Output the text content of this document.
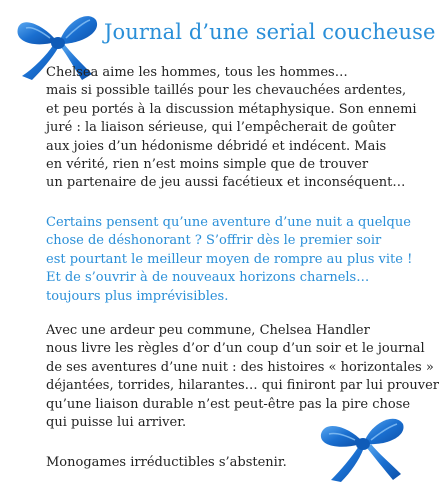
Journal d’une serial coucheuse

Chelsea aime les hommes, tous les hommes…
mais si possible taillés pour les chevauchées ardentes,
et peu portés à la discussion métaphysique. Son ennemi
juré : la liaison sérieuse, qui l’empêcherait de goûter
aux joies d’un hédonisme débridé et indécent. Mais
en vérité, rien n’est moins simple que de trouver
un partenaire de jeu aussi facétieux et inconséquent…

Certains pensent qu’une aventure d’une nuit a quelque
chose de déshonorant ? S’offrir dès le premier soir
est pourtant le meilleur moyen de rompre au plus vite !
Et de s’ouvrir à de nouveaux horizons charnels…
toujours plus imprévisibles.

Avec une ardeur peu commune, Chelsea Handler
nous livre les règles d’or d’un coup d’un soir et le journal
de ses aventures d’une nuit : des histoires « horizontales »
déjantées, torrides, hilarantes… qui finiront par lui prouver
qu’une liaison durable n’est peut-être pas la pire chose
qui puisse lui arriver.

Monogames irréductibles s’abstenir.
